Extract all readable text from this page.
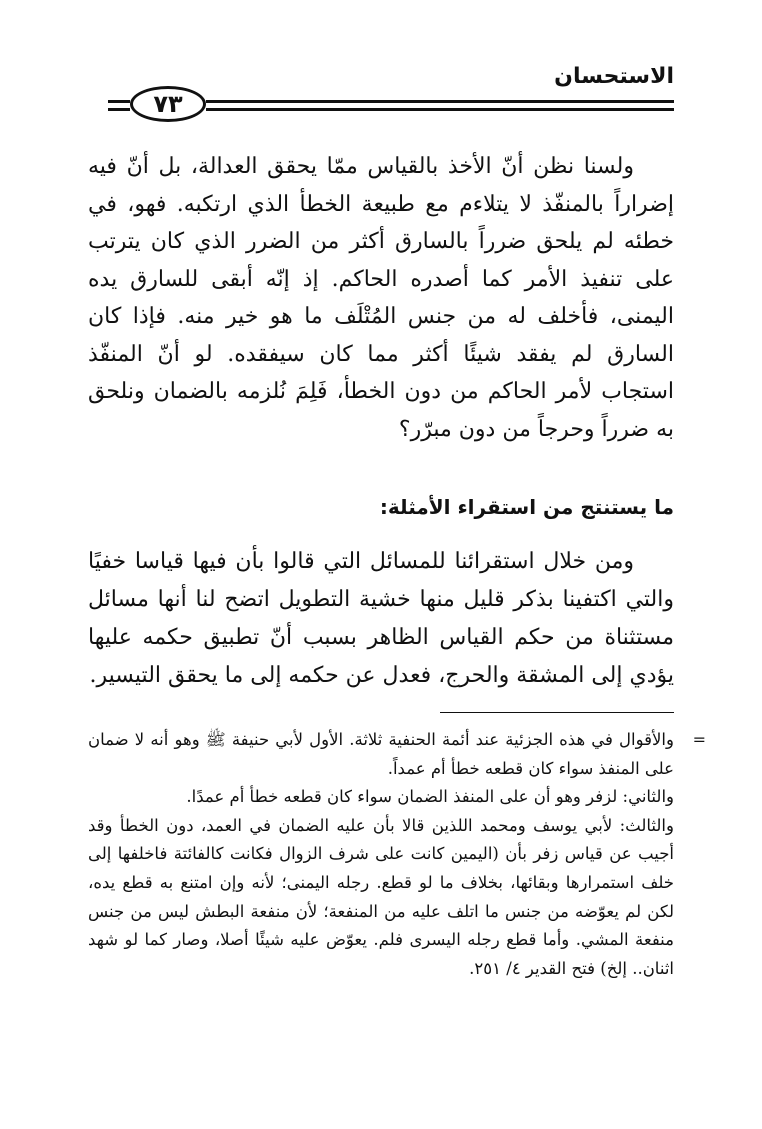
الاستحسان
٧٣

ولسنا نظن أنّ الأخذ بالقياس ممّا يحقق العدالة، بل أنّ فيه إضراراً بالمنفّذ لا يتلاءم مع طبيعة الخطأ الذي ارتكبه. فهو، في خطئه لم يلحق ضرراً بالسارق أكثر من الضرر الذي كان يترتب على تنفيذ الأمر كما أصدره الحاكم. إذ إنّه أبقى للسارق يده اليمنى، فأخلف له من جنس المُتْلَف ما هو خير منه. فإذا كان السارق لم يفقد شيئًا أكثر مما كان سيفقده. لو أنّ المنفّذ استجاب لأمر الحاكم من دون الخطأ، فَلِمَ نُلزمه بالضمان ونلحق به ضرراً وحرجاً من دون مبرّر؟

ما يستنتج من استقراء الأمثلة:

ومن خلال استقرائنا للمسائل التي قالوا بأن فيها قياسا خفيًا والتي اكتفينا بذكر قليل منها خشية التطويل اتضح لنا أنها مسائل مستثناة من حكم القياس الظاهر بسبب أنّ تطبيق حكمه عليها يؤدي إلى المشقة والحرج، فعدل عن حكمه إلى ما يحقق التيسير.

=

والأقوال في هذه الجزئية عند أئمة الحنفية ثلاثة. الأول لأبي حنيفة ﷺ وهو أنه لا ضمان على المنفذ سواء كان قطعه خطأ أم عمداً.

والثاني: لزفر وهو أن على المنفذ الضمان سواء كان قطعه خطأ أم عمدًا.

والثالث: لأبي يوسف ومحمد اللذين قالا بأن عليه الضمان في العمد، دون الخطأ وقد أجيب عن قياس زفر بأن (اليمين كانت على شرف الزوال فكانت كالفائتة فاخلفها إلى خلف استمرارها وبقائها، بخلاف ما لو قطع. رجله اليمنى؛ لأنه وإن امتنع به قطع يده، لكن لم يعوّضه من جنس ما اتلف عليه من المنفعة؛ لأن منفعة البطش ليس من جنس منفعة المشي. وأما قطع رجله اليسرى فلم. يعوّض عليه شيئًا أصلا، وصار كما لو شهد اثنان.. إلخ) فتح القدير ٤/ ٢٥١.
